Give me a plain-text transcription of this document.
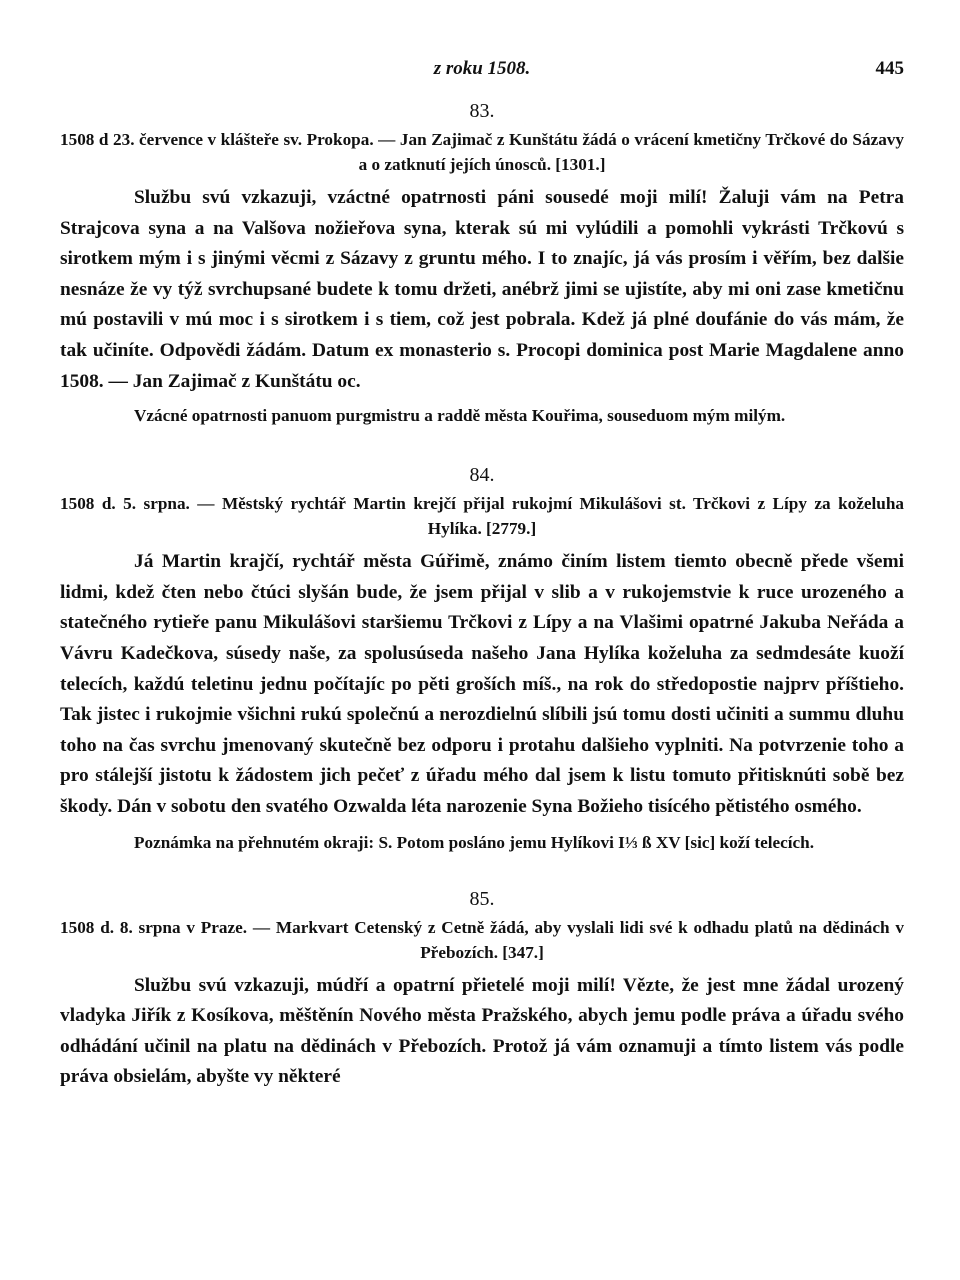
z roku 1508.	445
83.

1508 d 23. července v klášteře sv. Prokopa. — Jan Zajimač z Kunštátu žádá o vrácení kmetičny Trčkové do Sázavy a o zatknutí jejích únosců. [1301.]

Službu svú vzkazuji, vzáctné opatrnosti páni sousedé moji milí! Žaluji vám na Petra Strajcova syna a na Valšova nožieřova syna, kterak sú mi vylúdili a pomohli vykrásti Trčkovú s sirotkem mým i s jinými věcmi z Sázavy z gruntu mého. I to znajíc, já vás prosím i věřím, bez dalšie nesnáze že vy týž svrchupsané budete k tomu držeti, anébrž jimi se ujistíte, aby mi oni zase kmetičnu mú postavili v mú moc i s sirotkem i s tiem, což jest pobrala. Kdež já plné doufánie do vás mám, že tak učiníte. Odpovědi žádám. Datum ex monasterio s. Procopi dominica post Marie Magdalene anno 1508. — Jan Zajimač z Kunštátu oc.

Vzácné opatrnosti panuom purgmistru a raddě města Kouřima, souseduom mým milým.

84.

1508 d. 5. srpna. — Městský rychtář Martin krejčí přijal rukojmí Mikulášovi st. Trčkovi z Lípy za koželuha Hylíka. [2779.]

Já Martin krajčí, rychtář města Gúřimě, známo činím listem tiemto obecně přede všemi lidmi, kdež čten nebo čtúci slyšán bude, že jsem přijal v slib a v rukojemstvie k ruce urozeného a statečného rytieře panu Mikulášovi staršiemu Trčkovi z Lípy a na Vlašimi opatrné Jakuba Neřáda a Vávru Kadečkova, súsedy naše, za spolusúseda našeho Jana Hylíka koželuha za sedmdesáte kuoží telecích, každú teletinu jednu počítajíc po pěti groších míš., na rok do středopostie najprv příštieho. Tak jistec i rukojmie všichni rukú společnú a nerozdielnú slíbili jsú tomu dosti učiniti a summu dluhu toho na čas svrchu jmenovaný skutečně bez odporu i protahu dalšieho vyplniti. Na potvrzenie toho a pro stálejší jistotu k žádostem jich pečeť z úřadu mého dal jsem k listu tomuto přitisknúti sobě bez škody. Dán v sobotu den svatého Ozwalda léta narozenie Syna Božieho tisícého pětistého osmého.

Poznámka na přehnutém okraji: S. Potom posláno jemu Hylíkovi I⅓ ß XV [sic] koží telecích.

85.

1508 d. 8. srpna v Praze. — Markvart Cetenský z Cetně žádá, aby vyslali lidi své k odhadu platů na dědinách v Přebozích. [347.]

Službu svú vzkazuji, múdří a opatrní přietelé moji milí! Vězte, že jest mne žádal urozený vladyka Jiřík z Kosíkova, měštěnín Nového města Pražského, abych jemu podle práva a úřadu svého odhádání učinil na platu na dědinách v Přebozích. Protož já vám oznamuji a tímto listem vás podle práva obsielám, abyšte vy některé
